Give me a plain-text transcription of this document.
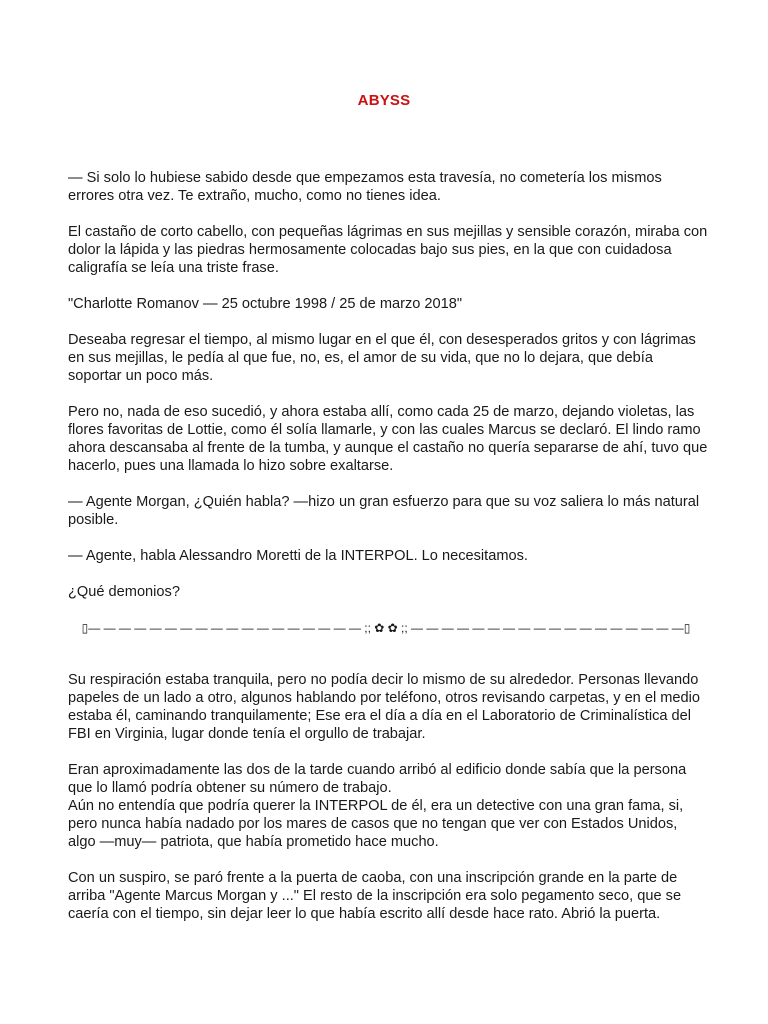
ABYSS

— Si solo lo hubiese sabido desde que empezamos esta travesía, no cometería los mismos errores otra vez. Te extraño, mucho, como no tienes idea.

El castaño de corto cabello, con pequeñas lágrimas en sus mejillas y sensible corazón, miraba con dolor la lápida y las piedras hermosamente colocadas bajo sus pies, en la que con cuidadosa caligrafía se leía una triste frase.

"Charlotte Romanov — 25 octubre 1998 / 25 de marzo 2018"

Deseaba regresar el tiempo, al mismo lugar en el que él, con desesperados gritos y con lágrimas en sus mejillas, le pedía al que fue, no, es, el amor de su vida, que no lo dejara, que debía soportar un poco más.

Pero no, nada de eso sucedió, y ahora estaba allí, como cada 25 de marzo, dejando violetas, las flores favoritas de Lottie, como él solía llamarle, y con las cuales Marcus se declaró. El lindo ramo ahora descansaba al frente de la tumba, y aunque el castaño no quería separarse de ahí, tuvo que hacerlo, pues una llamada lo hizo sobre exaltarse.

— Agente Morgan, ¿Quién habla? —hizo un gran esfuerzo para que su voz saliera lo más natural posible.

— Agente, habla Alessandro Moretti de la INTERPOL. Lo necesitamos.

¿Qué demonios?

▯— — — — — — — — — — — — — — — — — — ;; ✿ ✿ ;; — — — — — — — — — — — — — — — — — —▯

Su respiración estaba tranquila, pero no podía decir lo mismo de su alrededor. Personas llevando papeles de un lado a otro, algunos hablando por teléfono, otros revisando carpetas, y en el medio estaba él, caminando tranquilamente; Ese era el día a día en el Laboratorio de Criminalística del FBI en Virginia, lugar donde tenía el orgullo de trabajar.

Eran aproximadamente las dos de la tarde cuando arribó al edificio donde sabía que la persona que lo llamó podría obtener su número de trabajo.

Aún no entendía que podría querer la INTERPOL de él, era un detective con una gran fama, si, pero nunca había nadado por los mares de casos que no tengan que ver con Estados Unidos, algo —muy— patriota, que había prometido hace mucho.

Con un suspiro, se paró frente a la puerta de caoba, con una inscripción grande en la parte de arriba "Agente Marcus Morgan y ..." El resto de la inscripción era solo pegamento seco, que se caería con el tiempo, sin dejar leer lo que había escrito allí desde hace rato. Abrió la puerta.
